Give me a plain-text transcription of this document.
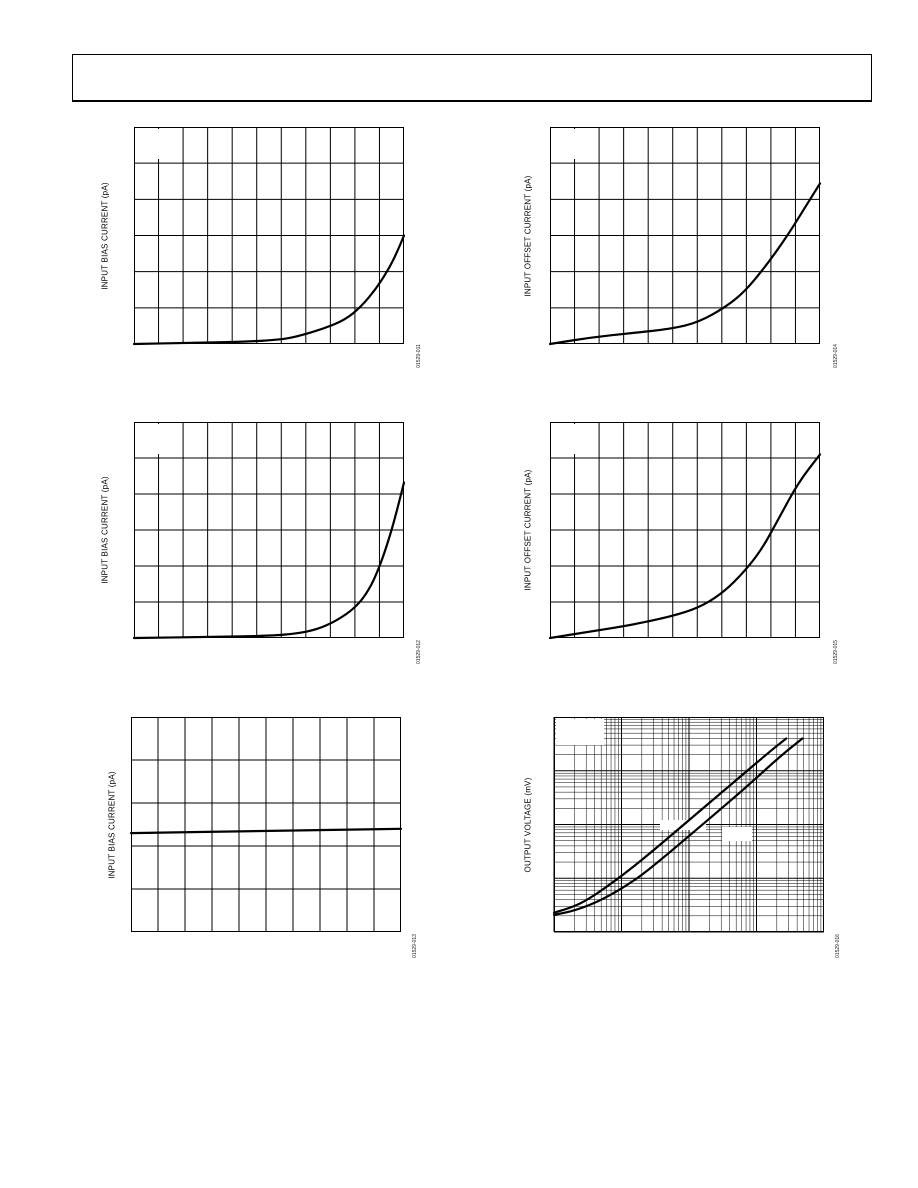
INPUT BIAS CURRENT (pA)
01529-011
INPUT OFFSET CURRENT (pA)
01529-014
INPUT BIAS CURRENT (pA)
01529-012
INPUT OFFSET CURRENT (pA)
01529-015
INPUT BIAS CURRENT (pA)
01529-013
OUTPUT VOLTAGE (mV)
01529-016
